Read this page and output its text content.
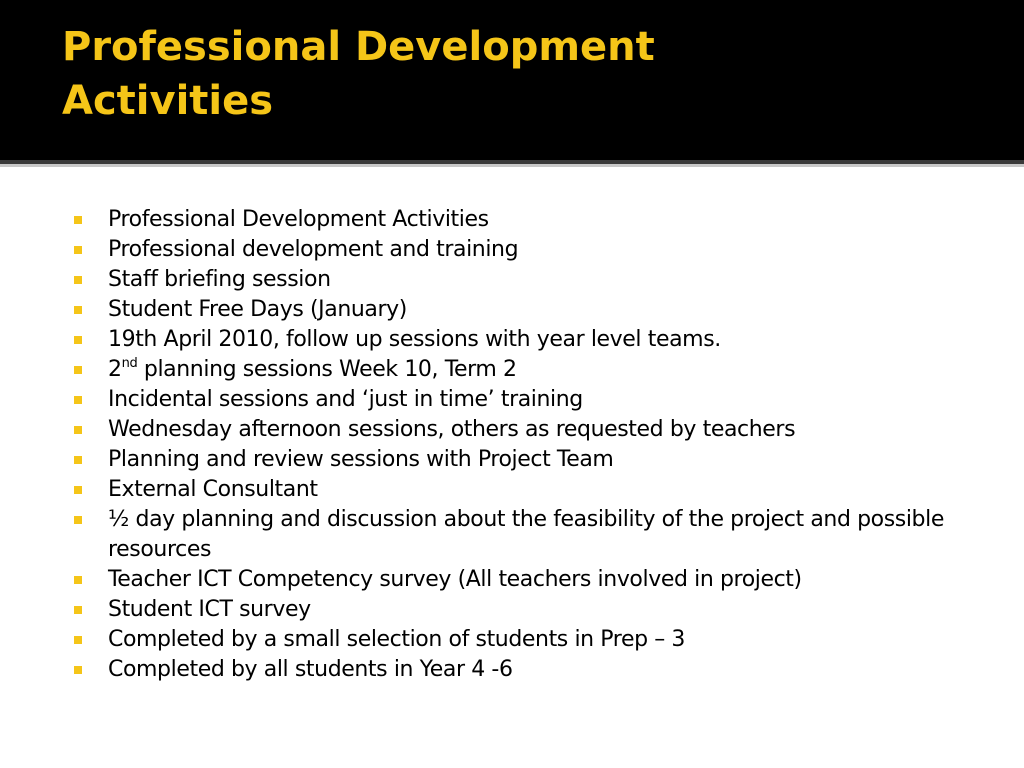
Professional Development
Activities
Professional Development Activities
Professional development and training
Staff briefing session
Student Free Days (January)
19th April 2010, follow up sessions with year level teams.
2nd planning sessions Week 10, Term 2
Incidental sessions and ‘just in time’ training
Wednesday afternoon sessions, others as requested by teachers
Planning and review sessions with Project Team
External Consultant
½ day planning and discussion about the feasibility of the project and possible resources
Teacher ICT Competency survey (All teachers involved in project)
Student ICT survey
Completed by a small selection of students in Prep – 3
Completed by all students in Year 4 -6
